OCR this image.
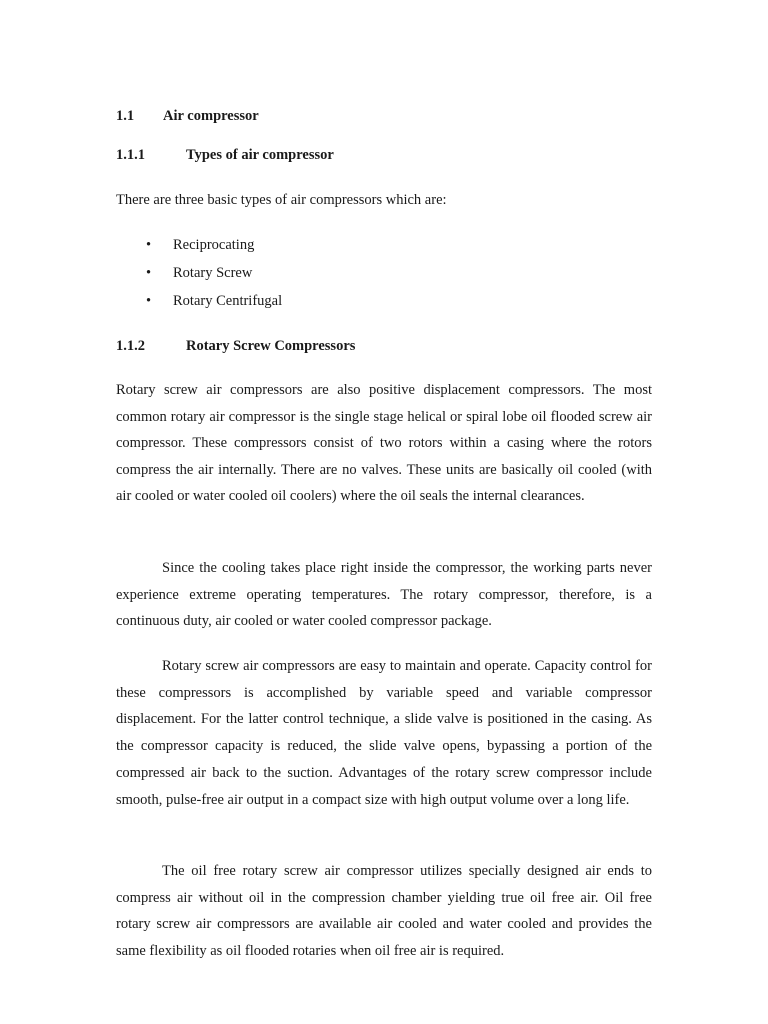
1.1 Air compressor
1.1.1	Types of air compressor

There are three basic types of air compressors which are:

• Reciprocating
• Rotary Screw
• Rotary Centrifugal
1.1.2	Rotary Screw Compressors

Rotary screw air compressors are also positive displacement compressors. The most common rotary air compressor is the single stage helical or spiral lobe oil flooded screw air compressor. These compressors consist of two rotors within a casing where the rotors compress the air internally. There are no valves. These units are basically oil cooled (with air cooled or water cooled oil coolers) where the oil seals the internal clearances.

Since the cooling takes place right inside the compressor, the working parts never experience extreme operating temperatures. The rotary compressor, therefore, is a continuous duty, air cooled or water cooled compressor package.

Rotary screw air compressors are easy to maintain and operate. Capacity control for these compressors is accomplished by variable speed and variable compressor displacement. For the latter control technique, a slide valve is positioned in the casing. As the compressor capacity is reduced, the slide valve opens, bypassing a portion of the compressed air back to the suction. Advantages of the rotary screw compressor include smooth, pulse-free air output in a compact size with high output volume over a long life.

The oil free rotary screw air compressor utilizes specially designed air ends to compress air without oil in the compression chamber yielding true oil free air. Oil free rotary screw air compressors are available air cooled and water cooled and provides the same flexibility as oil flooded rotaries when oil free air is required.
